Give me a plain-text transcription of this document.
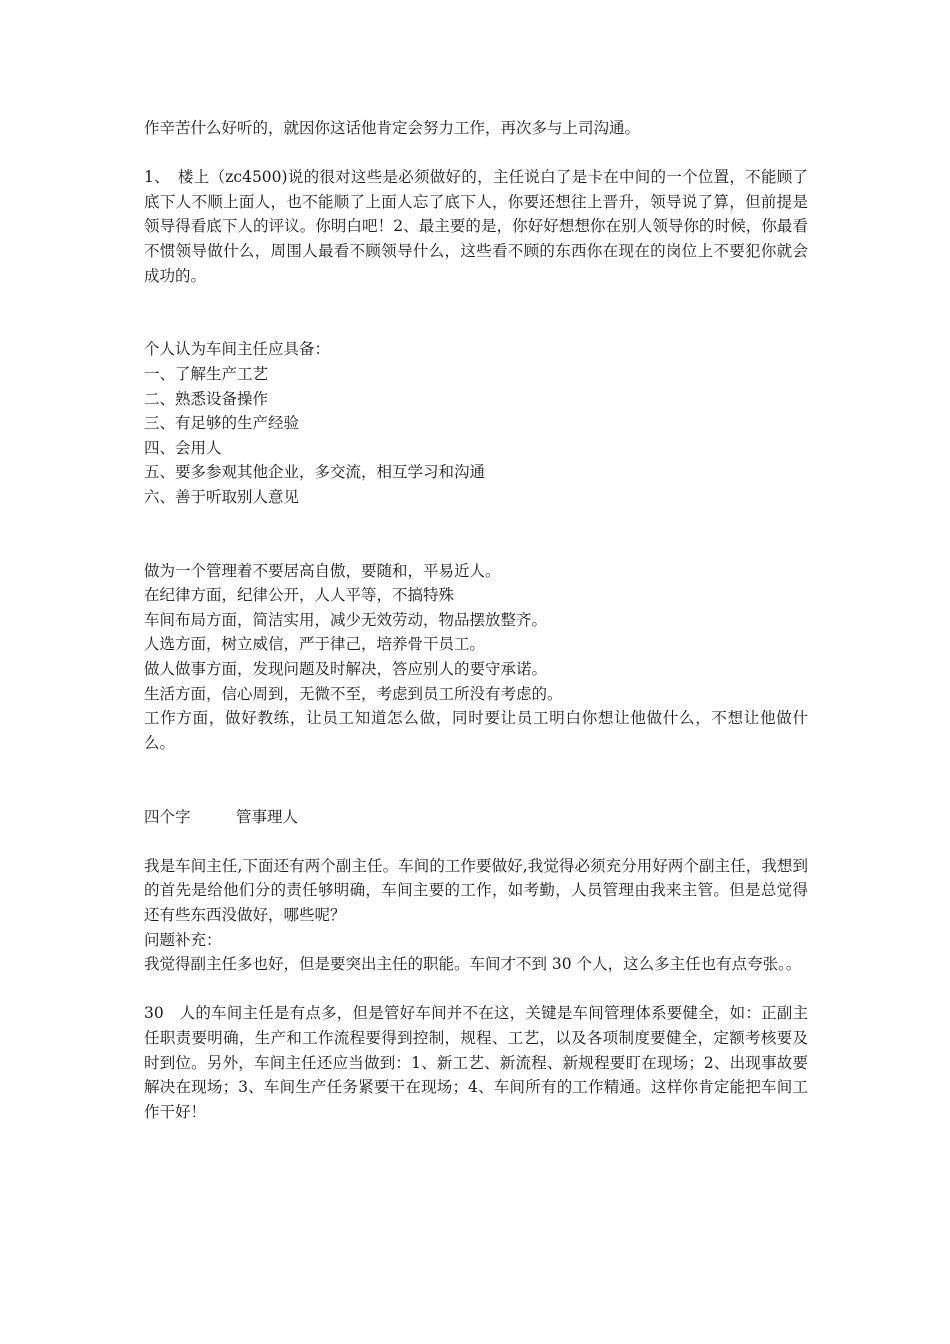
作辛苦什么好听的，就因你这话他肯定会努力工作，再次多与上司沟通。

1、　楼上（zc4500)说的很对这些是必须做好的，主任说白了是卡在中间的一个位置，不能顾了底下人不顺上面人，也不能顺了上面人忘了底下人，你要还想往上晋升，领导说了算，但前提是领导得看底下人的评议。你明白吧！2、最主要的是，你好好想想你在别人领导你的时候，你最看不惯领导做什么，周围人最看不顾领导什么，这些看不顾的东西你在现在的岗位上不要犯你就会成功的。

个人认为车间主任应具备：

一、了解生产工艺

二、熟悉设备操作

三、有足够的生产经验

四、会用人

五、要多参观其他企业，多交流，相互学习和沟通

六、善于听取别人意见

做为一个管理着不要居高自傲，要随和，平易近人。

在纪律方面，纪律公开，人人平等，不搞特殊

车间布局方面，简洁实用，减少无效劳动，物品摆放整齐。

人选方面，树立威信，严于律己，培养骨干员工。

做人做事方面，发现问题及时解决，答应别人的要守承诺。

生活方面，信心周到，无微不至，考虑到员工所没有考虑的。

工作方面，做好教练，让员工知道怎么做，同时要让员工明白你想让他做什么，不想让他做什么。

四个字	管事理人

我是车间主任,下面还有两个副主任。车间的工作要做好,我觉得必须充分用好两个副主任，我想到的首先是给他们分的责任够明确，车间主要的工作，如考勤，人员管理由我来主管。但是总觉得还有些东西没做好，哪些呢？

问题补充：

我觉得副主任多也好，但是要突出主任的职能。车间才不到 30 个人，这么多主任也有点夸张。。

30　人的车间主任是有点多，但是管好车间并不在这，关键是车间管理体系要健全，如：正副主任职责要明确，生产和工作流程要得到控制，规程、工艺，以及各项制度要健全，定额考核要及时到位。另外，车间主任还应当做到：1、新工艺、新流程、新规程要盯在现场；2、出现事故要解决在现场；3、车间生产任务紧要干在现场；4、车间所有的工作精通。这样你肯定能把车间工作干好！
